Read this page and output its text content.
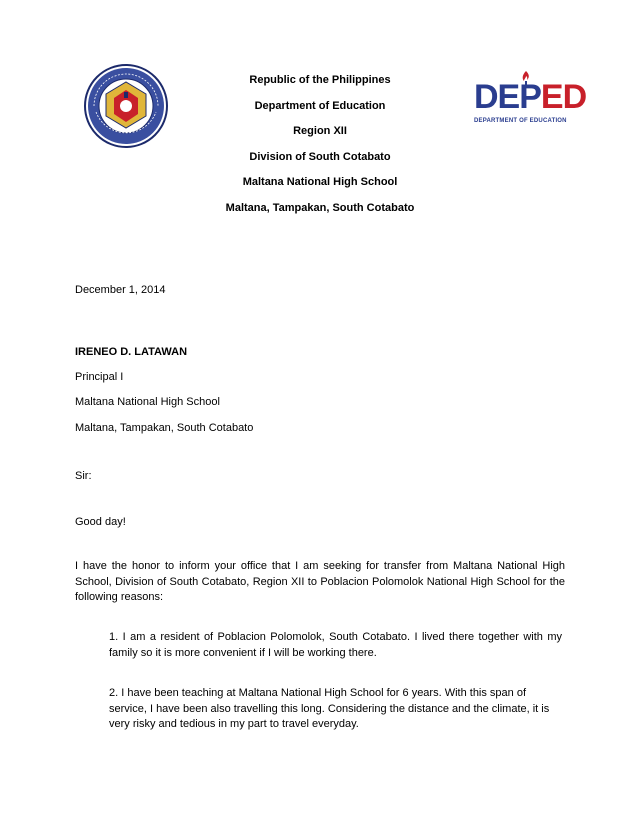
DEPED
DEPARTMENT OF EDUCATION
Republic of the Philippines
Department of Education
Region XII
Division of South Cotabato
Maltana National High School
Maltana, Tampakan, South Cotabato
December 1, 2014
IRENEO D. LATAWAN
Principal I
Maltana National High School
Maltana, Tampakan, South Cotabato
Sir:
Good day!
I have the honor to inform your office that I am seeking for transfer from Maltana National High School, Division of South Cotabato, Region XII to Poblacion Polomolok National High School for the following reasons:
1. I am a resident of Poblacion Polomolok, South Cotabato. I lived there together with my family so it is more convenient if I will be working there.
2. I have been teaching at Maltana National High School for 6 years. With this span of service, I have been also travelling this long. Considering the distance and the climate, it is very risky and tedious in my part to travel everyday.
